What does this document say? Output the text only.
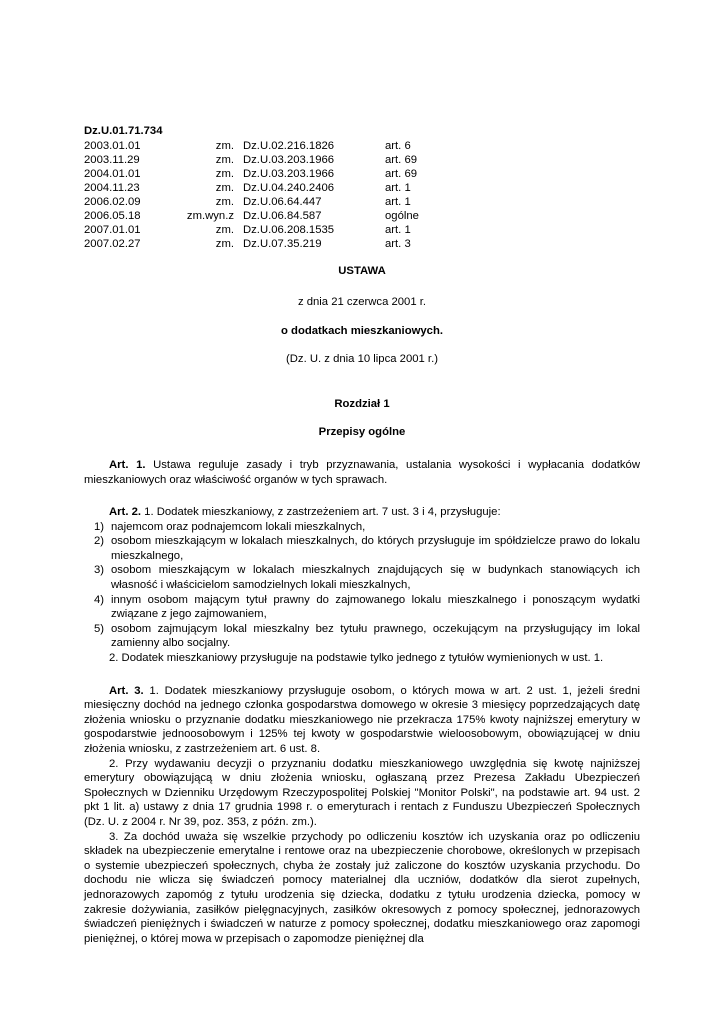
Dz.U.01.71.734
2003.01.01	zm.	Dz.U.02.216.1826	art. 6
2003.11.29	zm.	Dz.U.03.203.1966	art. 69
2004.01.01	zm.	Dz.U.03.203.1966	art. 69
2004.11.23	zm.	Dz.U.04.240.2406	art. 1
2006.02.09	zm.	Dz.U.06.64.447	art. 1
2006.05.18	zm.wyn.z	Dz.U.06.84.587	ogólne
2007.01.01	zm.	Dz.U.06.208.1535	art. 1
2007.02.27	zm.	Dz.U.07.35.219	art. 3

USTAWA

z dnia 21 czerwca 2001 r.

o dodatkach mieszkaniowych.

(Dz. U. z dnia 10 lipca 2001 r.)

Rozdział 1

Przepisy ogólne

Art. 1. Ustawa reguluje zasady i tryb przyznawania, ustalania wysokości i wypłacania dodatków mieszkaniowych oraz właściwość organów w tych sprawach.

Art. 2. 1. Dodatek mieszkaniowy, z zastrzeżeniem art. 7 ust. 3 i 4, przysługuje:

1) najemcom oraz podnajemcom lokali mieszkalnych,
2) osobom mieszkającym w lokalach mieszkalnych, do których przysługuje im spółdzielcze prawo do lokalu mieszkalnego,
3) osobom mieszkającym w lokalach mieszkalnych znajdujących się w budynkach stanowiących ich własność i właścicielom samodzielnych lokali mieszkalnych,
4) innym osobom mającym tytuł prawny do zajmowanego lokalu mieszkalnego i ponoszącym wydatki związane z jego zajmowaniem,
5) osobom zajmującym lokal mieszkalny bez tytułu prawnego, oczekującym na przysługujący im lokal zamienny albo socjalny.

2. Dodatek mieszkaniowy przysługuje na podstawie tylko jednego z tytułów wymienionych w ust. 1.

Art. 3. 1. Dodatek mieszkaniowy przysługuje osobom, o których mowa w art. 2 ust. 1, jeżeli średni miesięczny dochód na jednego członka gospodarstwa domowego w okresie 3 miesięcy poprzedzających datę złożenia wniosku o przyznanie dodatku mieszkaniowego nie przekracza 175% kwoty najniższej emerytury w gospodarstwie jednoosobowym i 125% tej kwoty w gospodarstwie wieloosobowym, obowiązującej w dniu złożenia wniosku, z zastrzeżeniem art. 6 ust. 8.

2. Przy wydawaniu decyzji o przyznaniu dodatku mieszkaniowego uwzględnia się kwotę najniższej emerytury obowiązującą w dniu złożenia wniosku, ogłaszaną przez Prezesa Zakładu Ubezpieczeń Społecznych w Dzienniku Urzędowym Rzeczypospolitej Polskiej "Monitor Polski", na podstawie art. 94 ust. 2 pkt 1 lit. a) ustawy z dnia 17 grudnia 1998 r. o emeryturach i rentach z Funduszu Ubezpieczeń Społecznych (Dz. U. z 2004 r. Nr 39, poz. 353, z późn. zm.).

3. Za dochód uważa się wszelkie przychody po odliczeniu kosztów ich uzyskania oraz po odliczeniu składek na ubezpieczenie emerytalne i rentowe oraz na ubezpieczenie chorobowe, określonych w przepisach o systemie ubezpieczeń społecznych, chyba że zostały już zaliczone do kosztów uzyskania przychodu. Do dochodu nie wlicza się świadczeń pomocy materialnej dla uczniów, dodatków dla sierot zupełnych, jednorazowych zapomóg z tytułu urodzenia się dziecka, dodatku z tytułu urodzenia dziecka, pomocy w zakresie dożywiania, zasiłków pielęgnacyjnych, zasiłków okresowych z pomocy społecznej, jednorazowych świadczeń pieniężnych i świadczeń w naturze z pomocy społecznej, dodatku mieszkaniowego oraz zapomogi pieniężnej, o której mowa w przepisach o zapomodze pieniężnej dla
